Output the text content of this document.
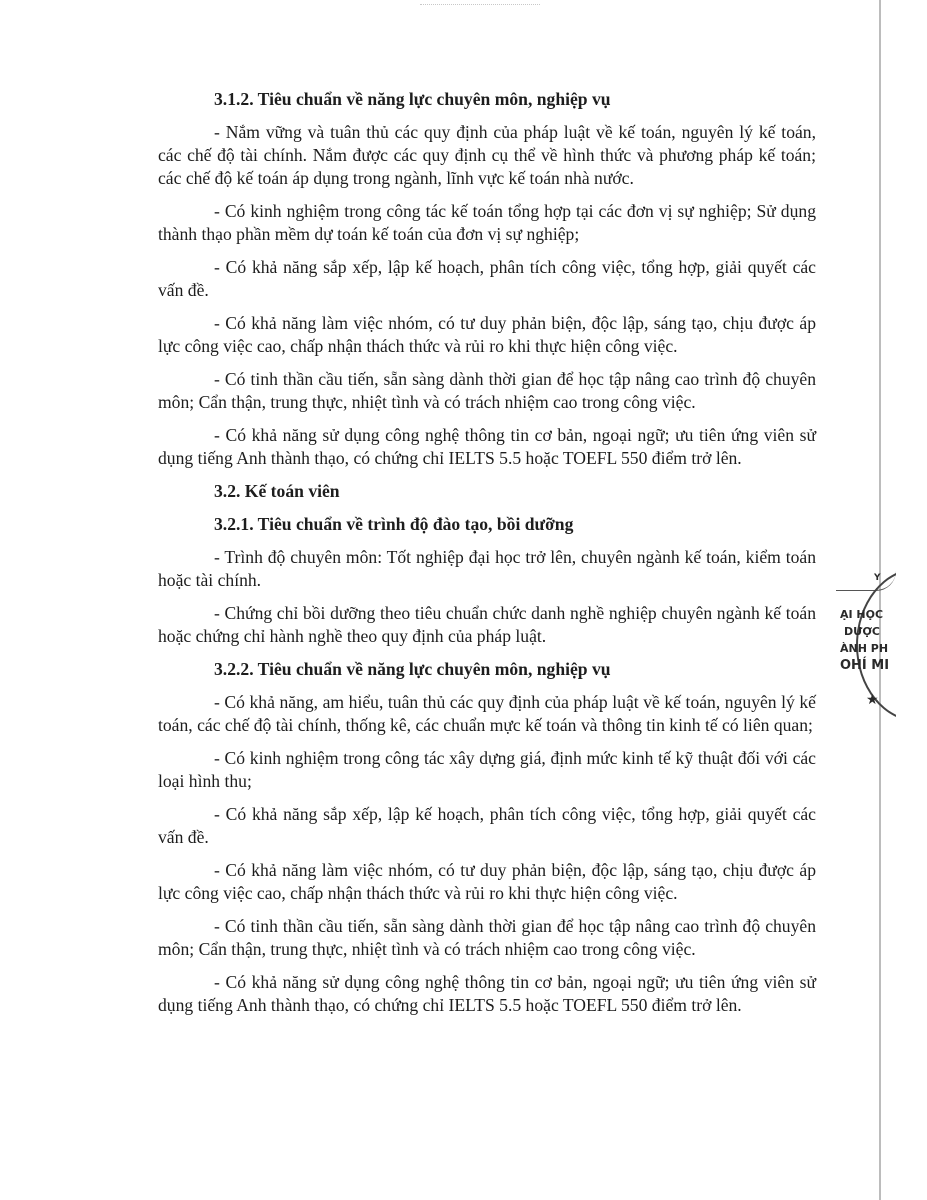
3.1.2. Tiêu chuẩn về năng lực chuyên môn, nghiệp vụ

- Nắm vững và tuân thủ các quy định của pháp luật về kế toán, nguyên lý kế toán, các chế độ tài chính. Nắm được các quy định cụ thể về hình thức và phương pháp kế toán; các chế độ kế toán áp dụng trong ngành, lĩnh vực kế toán nhà nước.

- Có kinh nghiệm trong công tác kế toán tổng hợp tại các đơn vị sự nghiệp; Sử dụng thành thạo phần mềm dự toán kế toán của đơn vị sự nghiệp;

- Có khả năng sắp xếp, lập kế hoạch, phân tích công việc, tổng hợp, giải quyết các vấn đề.

- Có khả năng làm việc nhóm, có tư duy phản biện, độc lập, sáng tạo, chịu được áp lực công việc cao, chấp nhận thách thức và rủi ro khi thực hiện công việc.

- Có tinh thần cầu tiến, sẵn sàng dành thời gian để học tập nâng cao trình độ chuyên môn; Cẩn thận, trung thực, nhiệt tình và có trách nhiệm cao trong công việc.

- Có khả năng sử dụng công nghệ thông tin cơ bản, ngoại ngữ; ưu tiên ứng viên sử dụng tiếng Anh thành thạo, có chứng chỉ IELTS 5.5 hoặc TOEFL 550 điểm trở lên.

3.2. Kế toán viên
3.2.1. Tiêu chuẩn về trình độ đào tạo, bồi dưỡng

- Trình độ chuyên môn: Tốt nghiệp đại học trở lên, chuyên ngành kế toán, kiểm toán hoặc tài chính.

- Chứng chỉ bồi dưỡng theo tiêu chuẩn chức danh nghề nghiệp chuyên ngành kế toán hoặc chứng chỉ hành nghề theo quy định của pháp luật.

3.2.2. Tiêu chuẩn về năng lực chuyên môn, nghiệp vụ

- Có khả năng, am hiểu, tuân thủ các quy định của pháp luật về kế toán, nguyên lý kế toán, các chế độ tài chính, thống kê, các chuẩn mực kế toán và thông tin kinh tế có liên quan;

- Có kinh nghiệm trong công tác xây dựng giá, định mức kinh tế kỹ thuật đối với các loại hình thu;

- Có khả năng sắp xếp, lập kế hoạch, phân tích công việc, tổng hợp, giải quyết các vấn đề.

- Có khả năng làm việc nhóm, có tư duy phản biện, độc lập, sáng tạo, chịu được áp lực công việc cao, chấp nhận thách thức và rủi ro khi thực hiện công việc.

- Có tinh thần cầu tiến, sẵn sàng dành thời gian để học tập nâng cao trình độ chuyên môn; Cẩn thận, trung thực, nhiệt tình và có trách nhiệm cao trong công việc.

- Có khả năng sử dụng công nghệ thông tin cơ bản, ngoại ngữ; ưu tiên ứng viên sử dụng tiếng Anh thành thạo, có chứng chỉ IELTS 5.5 hoặc TOEFL 550 điểm trở lên.

Y
ẠI HỌC
DƯỢC
ÀNH PH
OHÍ MI
★
